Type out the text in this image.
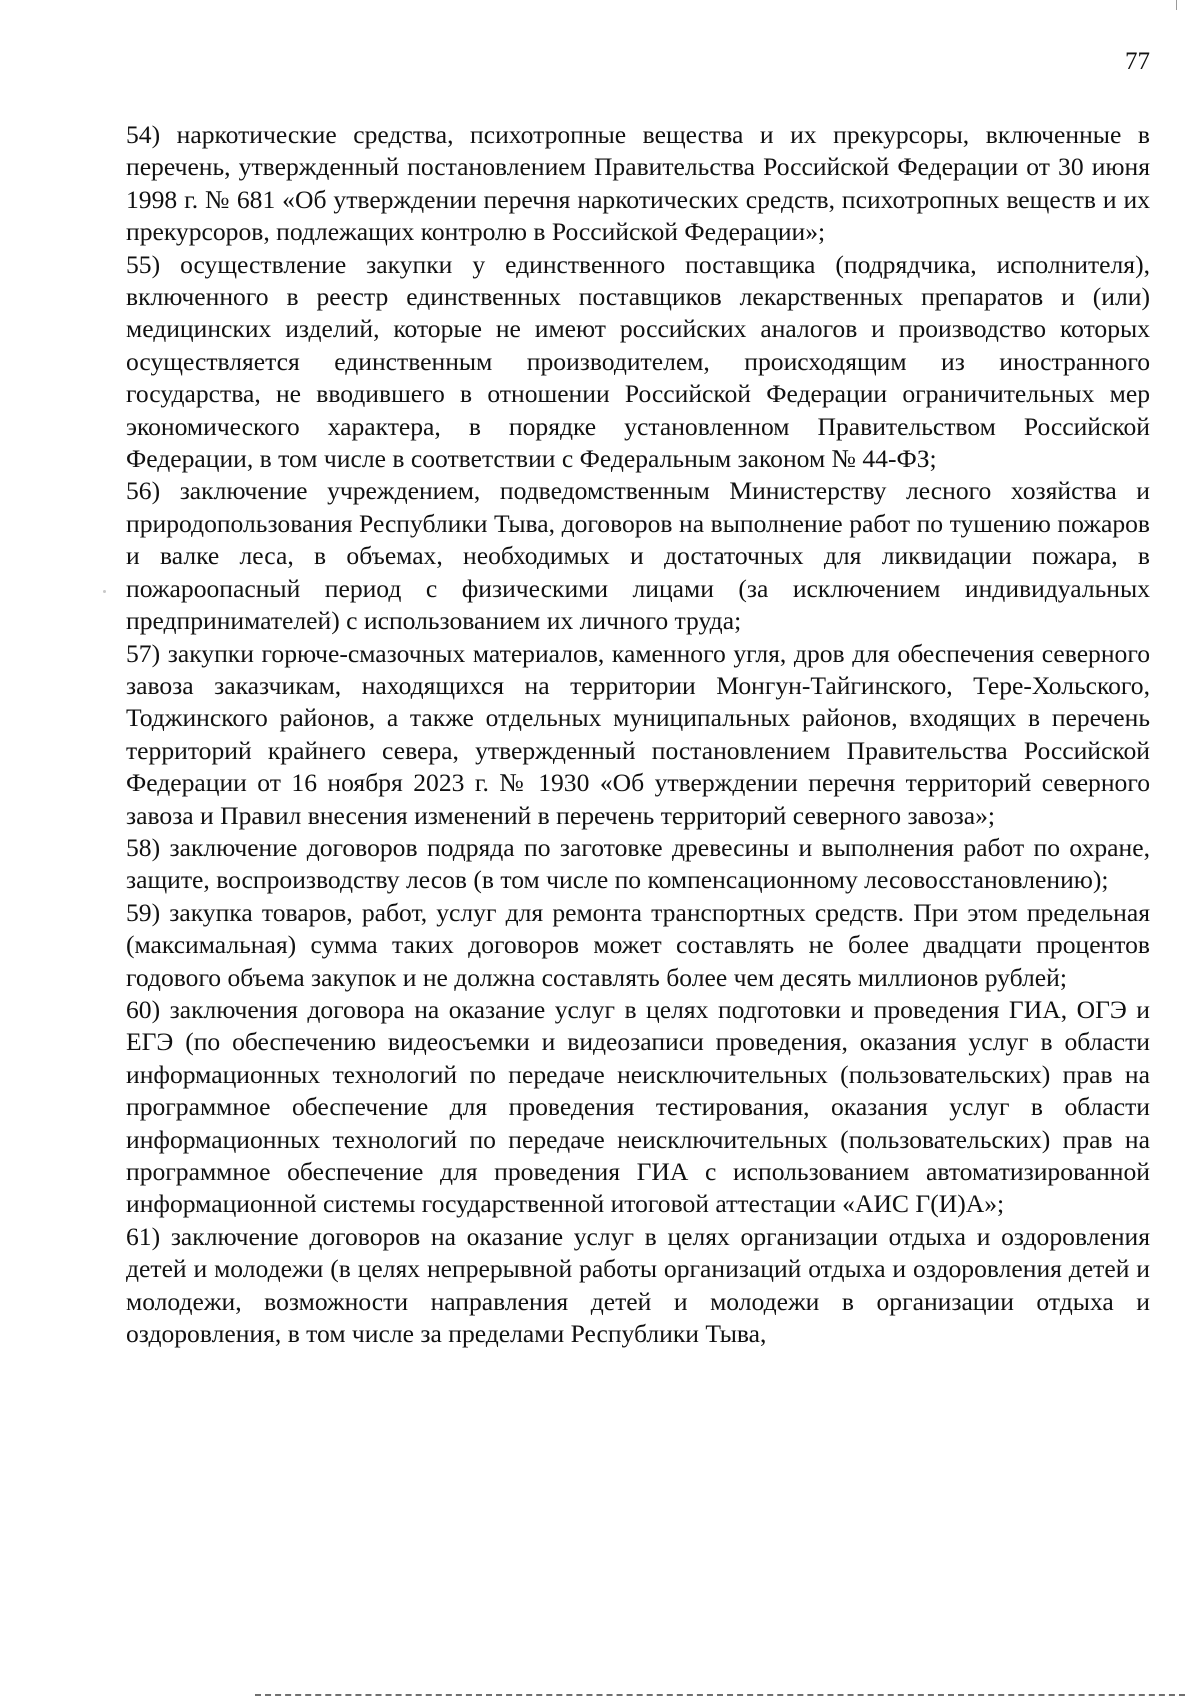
77

54) наркотические средства, психотропные вещества и их прекурсоры, включенные в перечень, утвержденный постановлением Правительства Российской Федерации от 30 июня 1998 г. № 681 «Об утверждении перечня наркотических средств, психотропных веществ и их прекурсоров, подлежащих контролю в Российской Федерации»;

55) осуществление закупки у единственного поставщика (подрядчика, исполнителя), включенного в реестр единственных поставщиков лекарственных препаратов и (или) медицинских изделий, которые не имеют российских аналогов и производство которых осуществляется единственным производителем, происходящим из иностранного государства, не вводившего в отношении Российской Федерации ограничительных мер экономического характера, в порядке установленном Правительством Российской Федерации, в том числе в соответствии с Федеральным законом № 44-ФЗ;

56) заключение учреждением, подведомственным Министерству лесного хозяйства и природопользования Республики Тыва, договоров на выполнение работ по тушению пожаров и валке леса, в объемах, необходимых и достаточных для ликвидации пожара, в пожароопасный период с физическими лицами (за исключением индивидуальных предпринимателей) с использованием их личного труда;

57) закупки горюче-смазочных материалов, каменного угля, дров для обеспечения северного завоза заказчикам, находящихся на территории Монгун-Тайгинского, Тере-Хольского, Тоджинского районов, а также отдельных муниципальных районов, входящих в перечень территорий крайнего севера, утвержденный постановлением Правительства Российской Федерации от 16 ноября 2023 г. № 1930 «Об утверждении перечня территорий северного завоза и Правил внесения изменений в перечень территорий северного завоза»;

58) заключение договоров подряда по заготовке древесины и выполнения работ по охране, защите, воспроизводству лесов (в том числе по компенсационному лесовосстановлению);

59) закупка товаров, работ, услуг для ремонта транспортных средств. При этом предельная (максимальная) сумма таких договоров может составлять не более двадцати процентов годового объема закупок и не должна составлять более чем десять миллионов рублей;

60) заключения договора на оказание услуг в целях подготовки и проведения ГИА, ОГЭ и ЕГЭ (по обеспечению видеосъемки и видеозаписи проведения, оказания услуг в области информационных технологий по передаче неисключительных (пользовательских) прав на программное обеспечение для проведения тестирования, оказания услуг в области информационных технологий по передаче неисключительных (пользовательских) прав на программное обеспечение для проведения ГИА с использованием автоматизированной информационной системы государственной итоговой аттестации «АИС Г(И)А»;

61) заключение договоров на оказание услуг в целях организации отдыха и оздоровления детей и молодежи (в целях непрерывной работы организаций отдыха и оздоровления детей и молодежи, возможности направления детей и молодежи в организации отдыха и оздоровления, в том числе за пределами Республики Тыва,
